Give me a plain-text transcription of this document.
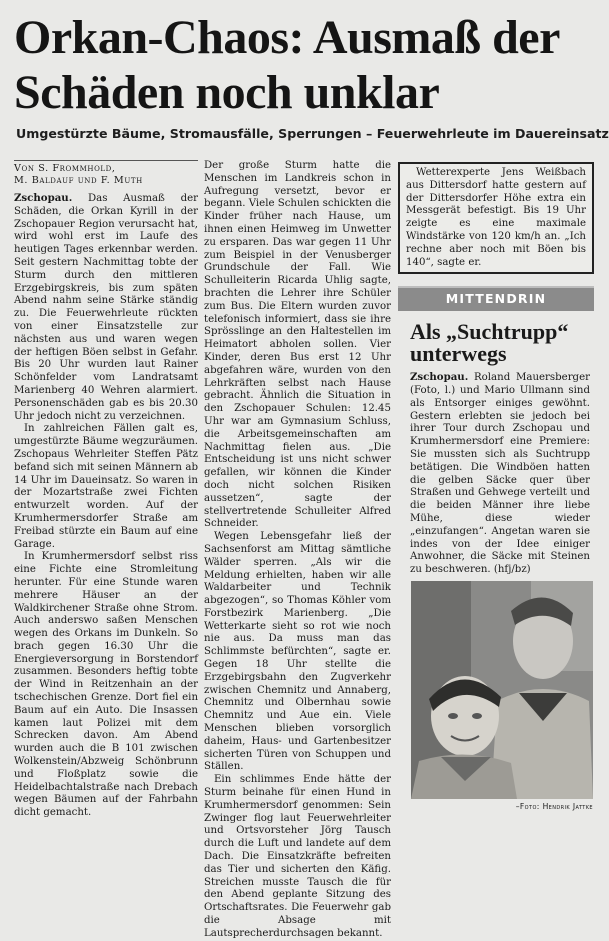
Orkan-Chaos: Ausmaß der Schäden noch unklar
Umgestürzte Bäume, Stromausfälle, Sperrungen – Feuerwehrleute im Dauereinsatz
Von S. Frommhold,
M. Baldauf und F. Muth

Zschopau. Das Ausmaß der Schäden, die Orkan Kyrill in der Zschopauer Region verursacht hat, wird wohl erst im Laufe des heutigen Tages erkennbar werden. Seit gestern Nachmittag tobte der Sturm durch den mittleren Erzgebirgskreis, bis zum späten Abend nahm seine Stärke ständig zu. Die Feuerwehrleute rückten von einer Einsatzstelle zur nächsten aus und waren wegen der heftigen Böen selbst in Gefahr. Bis 20 Uhr wurden laut Rainer Schönfelder vom Landratsamt Marienberg 40 Wehren alarmiert. Personenschäden gab es bis 20.30 Uhr jedoch nicht zu verzeichnen.

In zahlreichen Fällen galt es, umgestürzte Bäume wegzuräumen. Zschopaus Wehrleiter Steffen Pätz befand sich mit seinen Männern ab 14 Uhr im Daueinsatz. So waren in der Mozartstraße zwei Fichten entwurzelt worden. Auf der Krumhermersdorfer Straße am Freibad stürzte ein Baum auf eine Garage.

In Krumhermersdorf selbst riss eine Fichte eine Stromleitung herunter. Für eine Stunde waren mehrere Häuser an der Waldkirchener Straße ohne Strom. Auch anderswo saßen Menschen wegen des Orkans im Dunkeln. So brach gegen 16.30 Uhr die Energieversorgung in Borstendorf zusammen. Besonders heftig tobte der Wind in Reitzenhain an der tschechischen Grenze. Dort fiel ein Baum auf ein Auto. Die Insassen kamen laut Polizei mit dem Schrecken davon. Am Abend wurden auch die B 101 zwischen Wolkenstein/Abzweig Schönbrunn und Floßplatz sowie die Heidelbachtalstraße nach Drebach wegen Bäumen auf der Fahrbahn dicht gemacht.

Der große Sturm hatte die Menschen im Landkreis schon in Aufregung versetzt, bevor er begann. Viele Schulen schickten die Kinder früher nach Hause, um ihnen einen Heimweg im Unwetter zu ersparen. Das war gegen 11 Uhr zum Beispiel in der Venusberger Grundschule der Fall. Wie Schulleiterin Ricarda Uhlig sagte, brachten die Lehrer ihre Schüler zum Bus. Die Eltern wurden zuvor telefonisch informiert, dass sie ihre Sprösslinge an den Haltestellen im Heimatort abholen sollen. Vier Kinder, deren Bus erst 12 Uhr abgefahren wäre, wurden von den Lehrkräften selbst nach Hause gebracht. Ähnlich die Situation in den Zschopauer Schulen: 12.45 Uhr war am Gymnasium Schluss, die Arbeitsgemeinschaften am Nachmittag fielen aus. „Die Entscheidung ist uns nicht schwer gefallen, wir können die Kinder doch nicht solchen Risiken aussetzen“, sagte der stellvertretende Schulleiter Alfred Schneider.

Wegen Lebensgefahr ließ der Sachsenforst am Mittag sämtliche Wälder sperren. „Als wir die Meldung erhielten, haben wir alle Waldarbeiter und Technik abgezogen“, so Thomas Köhler vom Forstbezirk Marienberg. „Die Wetterkarte sieht so rot wie noch nie aus. Da muss man das Schlimmste befürchten“, sagte er. Gegen 18 Uhr stellte die Erzgebirgsbahn den Zugverkehr zwischen Chemnitz und Annaberg, Chemnitz und Olbernhau sowie Chemnitz und Aue ein. Viele Menschen blieben vorsorglich daheim, Haus- und Gartenbesitzer sicherten Türen von Schuppen und Ställen.

Ein schlimmes Ende hätte der Sturm beinahe für einen Hund in Krumhermersdorf genommen: Sein Zwinger flog laut Feuerwehrleiter und Ortsvorsteher Jörg Tausch durch die Luft und landete auf dem Dach. Die Einsatzkräfte befreiten das Tier und sicherten den Käfig. Streichen musste Tausch die für den Abend geplante Sitzung des Ortschaftsrates. Die Feuerwehr gab die Absage mit Lautsprecherdurchsagen bekannt.

Wetterexperte Jens Weißbach aus Dittersdorf hatte gestern auf der Dittersdorfer Höhe extra ein Messgerät befestigt. Bis 19 Uhr zeigte es eine maximale Windstärke von 120 km/h an. „Ich rechne aber noch mit Böen bis 140“, sagte er.

MITTENDRIN
Als „Suchtrupp“ unterwegs
Zschopau. Roland Mauersberger (Foto, l.) und Mario Ullmann sind als Entsorger einiges gewöhnt. Gestern erlebten sie jedoch bei ihrer Tour durch Zschopau und Krumhermersdorf eine Premiere: Sie mussten sich als Suchtrupp betätigen. Die Windböen hatten die gelben Säcke quer über Straßen und Gehwege verteilt und die beiden Männer ihre liebe Mühe, diese wieder „einzufangen“. Angetan waren sie indes von der Idee einiger Anwohner, die Säcke mit Steinen zu beschweren. (hfj/bz)
–Foto: Hendrik Jattke
